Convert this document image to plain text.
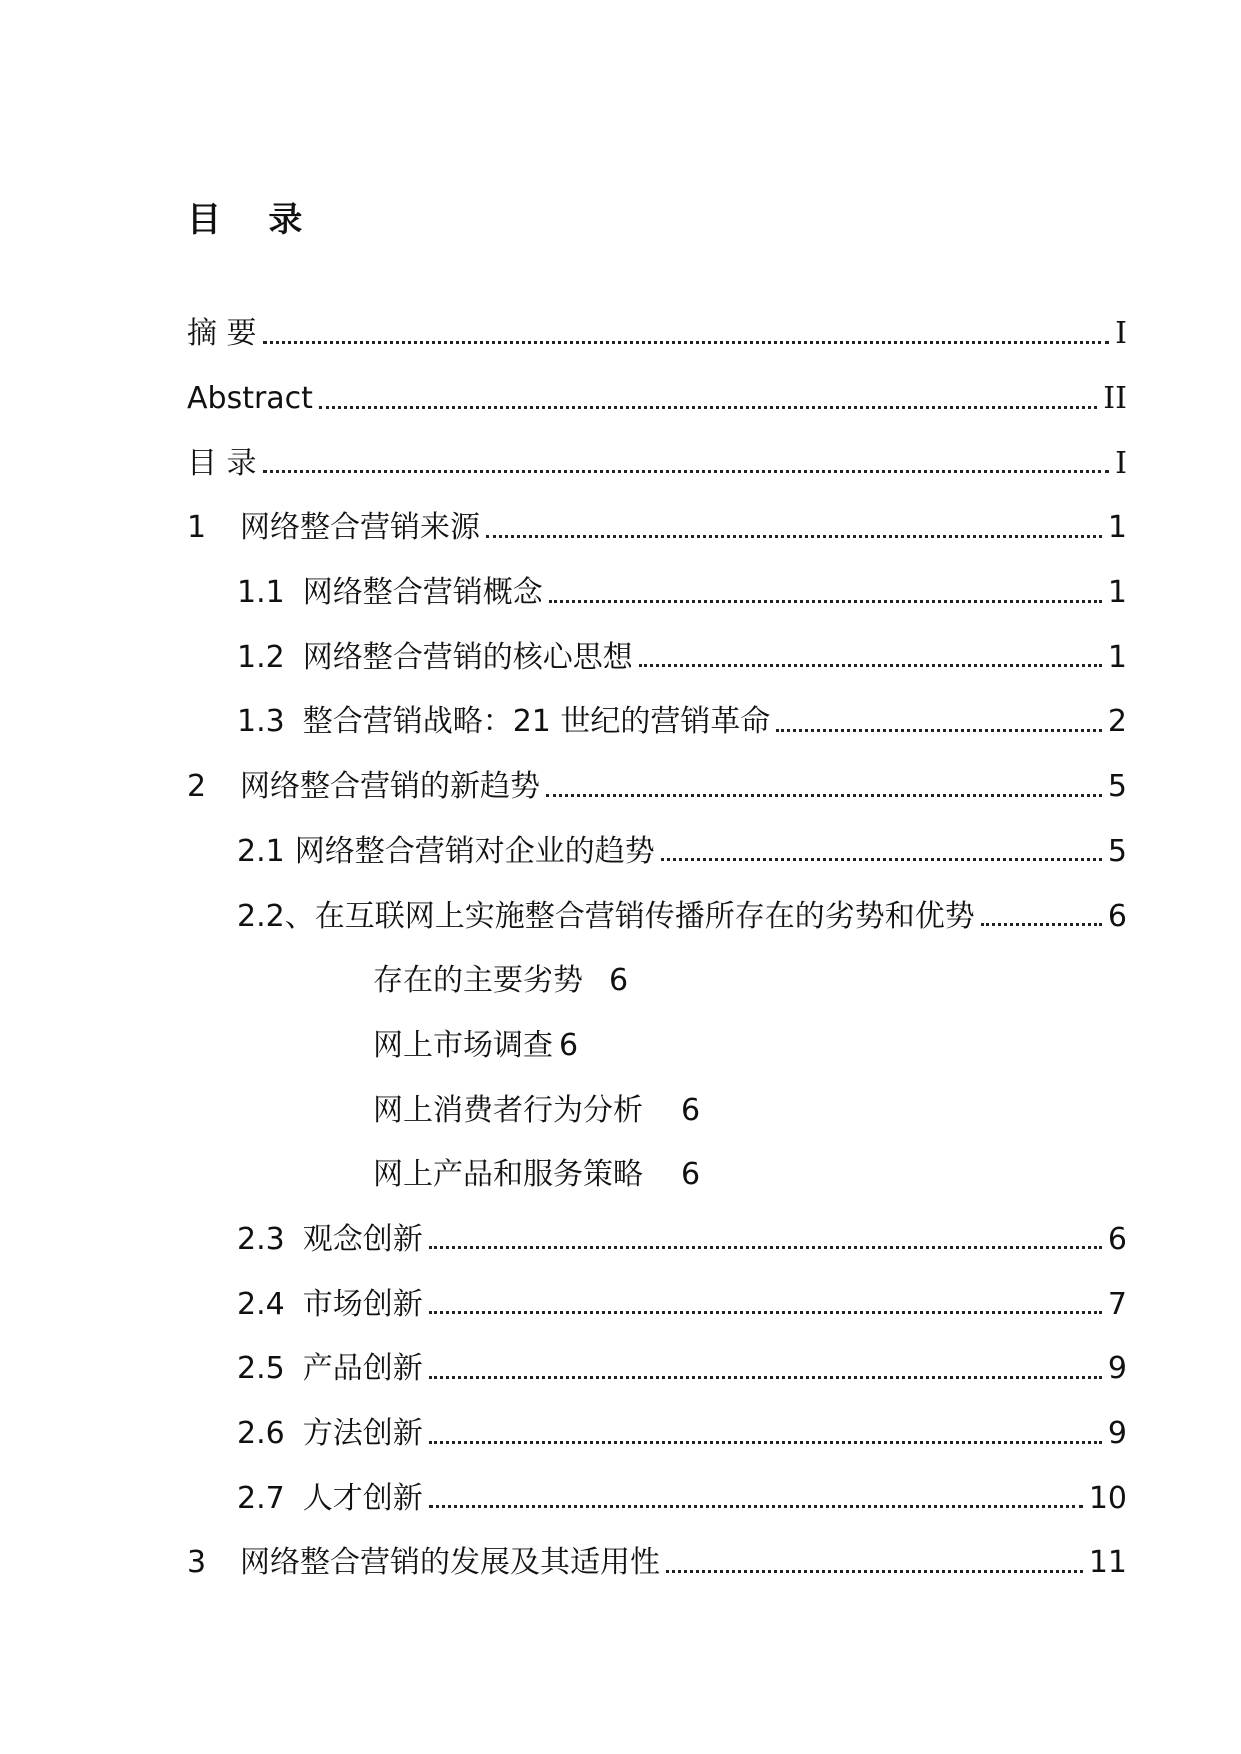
目    录
摘 要	I
Abstract	II
目 录	I
1	网络整合营销来源	1
1.1 网络整合营销概念	1
1.2 网络整合营销的核心思想	1
1.3 整合营销战略：21 世纪的营销革命	2
2	网络整合营销的新趋势	5
2.1 网络整合营销对企业的趋势	5
2.2、 在互联网上实施整合营销传播所存在的劣势和优势	6
存在的主要劣势 6
网上市场调查 6
网上消费者行为分析 6
网上产品和服务策略 6
2.3 观念创新	6
2.4 市场创新	7
2.5 产品创新	9
2.6 方法创新	9
2.7 人才创新	10
3	网络整合营销的发展及其适用性	11
